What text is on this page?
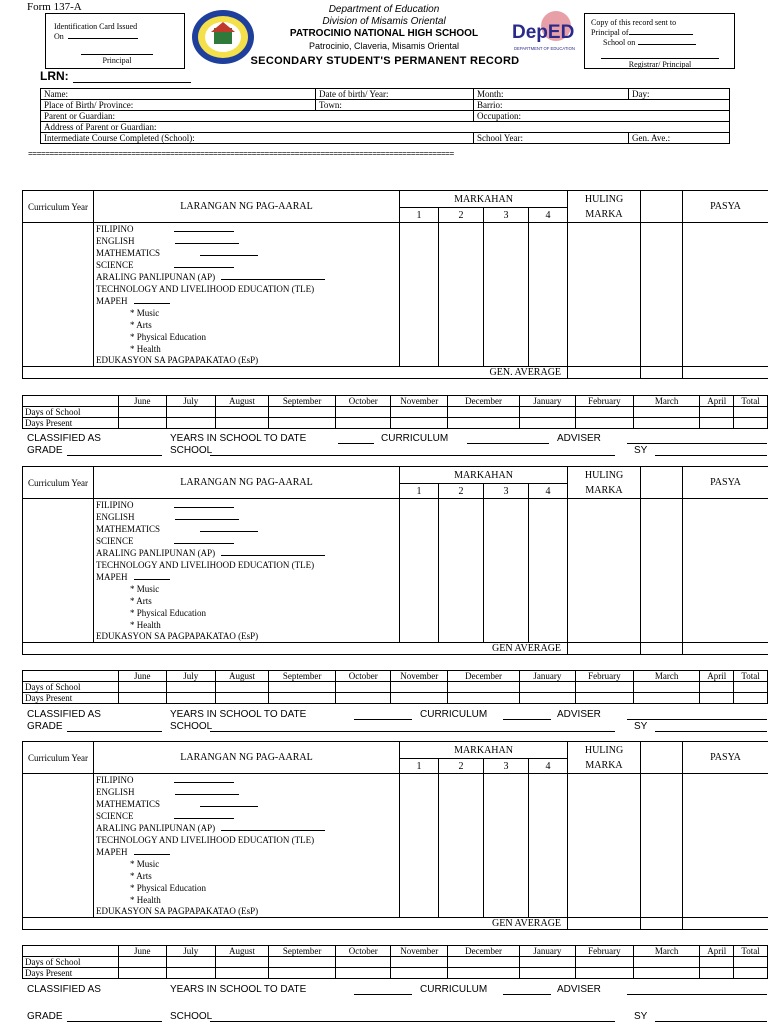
Form 137-A
Identification Card Issued
On
Principal
Department of Education
Division of Misamis Oriental
PATROCINIO NATIONAL HIGH SCHOOL
Patrocinio, Claveria, Misamis Oriental
SECONDARY STUDENT'S PERMANENT RECORD
DepED
DEPARTMENT OF EDUCATION
Copy of this record sent to
Principal of
School on
Registrar/ Principal
LRN:
Name:	Date of birth/ Year:	Month:	Day:
Place of Birth/ Province:	Town:	Barrio:	
Parent or Guardian:		Occupation:	
Address of Parent or Guardian:			
Intermediate Course Completed (School):		School Year:	Gen. Ave.:
===================================================================================================
Curriculum Year	LARANGAN NG PAG-AARAL	MARKAHAN				HULING		PASYA
		1	2	3	4	MARKA		
	FILIPINO							
	ENGLISH							
	MATHEMATICS							
	SCIENCE							
	ARALING PANLIPUNAN (AP)							
	TECHNOLOGY AND LIVELIHOOD EDUCATION (TLE)							
	MAPEH							
	* Music							
	* Arts							
	* Physical Education							
	* Health							
	EDUKASYON SA PAGPAPAKATAO (EsP)							
GEN. AVERAGE								
	June	July	August	September	October	November	December	January	February	March	April	Total
Days of School												
Days Present												
CLASSIFIED AS	YEARS IN SCHOOL TO DATE	CURRICULUM	ADVISER
GRADE	SCHOOL	SY
Curriculum Year	LARANGAN NG PAG-AARAL	MARKAHAN				HULING		PASYA
		1	2	3	4	MARKA		
	FILIPINO							
	ENGLISH							
	MATHEMATICS							
	SCIENCE							
	ARALING PANLIPUNAN (AP)							
	TECHNOLOGY AND LIVELIHOOD EDUCATION (TLE)							
	MAPEH							
	* Music							
	* Arts							
	* Physical Education							
	* Health							
	EDUKASYON SA PAGPAPAKATAO (EsP)							
GEN AVERAGE								
	June	July	August	September	October	November	December	January	February	March	April	Total
Days of School												
Days Present												
CLASSIFIED AS	YEARS IN SCHOOL TO DATE	CURRICULUM	ADVISER
GRADE	SCHOOL	SY
Curriculum Year	LARANGAN NG PAG-AARAL	MARKAHAN				HULING		PASYA
		1	2	3	4	MARKA		
	FILIPINO							
	ENGLISH							
	MATHEMATICS							
	SCIENCE							
	ARALING PANLIPUNAN (AP)							
	TECHNOLOGY AND LIVELIHOOD EDUCATION (TLE)							
	MAPEH							
	* Music							
	* Arts							
	* Physical Education							
	* Health							
	EDUKASYON SA PAGPAPAKATAO (EsP)							
GEN AVERAGE								
	June	July	August	September	October	November	December	January	February	March	April	Total
Days of School												
Days Present												
CLASSIFIED AS	YEARS IN SCHOOL TO DATE	CURRICULUM	ADVISER
GRADE	SCHOOL	SY
